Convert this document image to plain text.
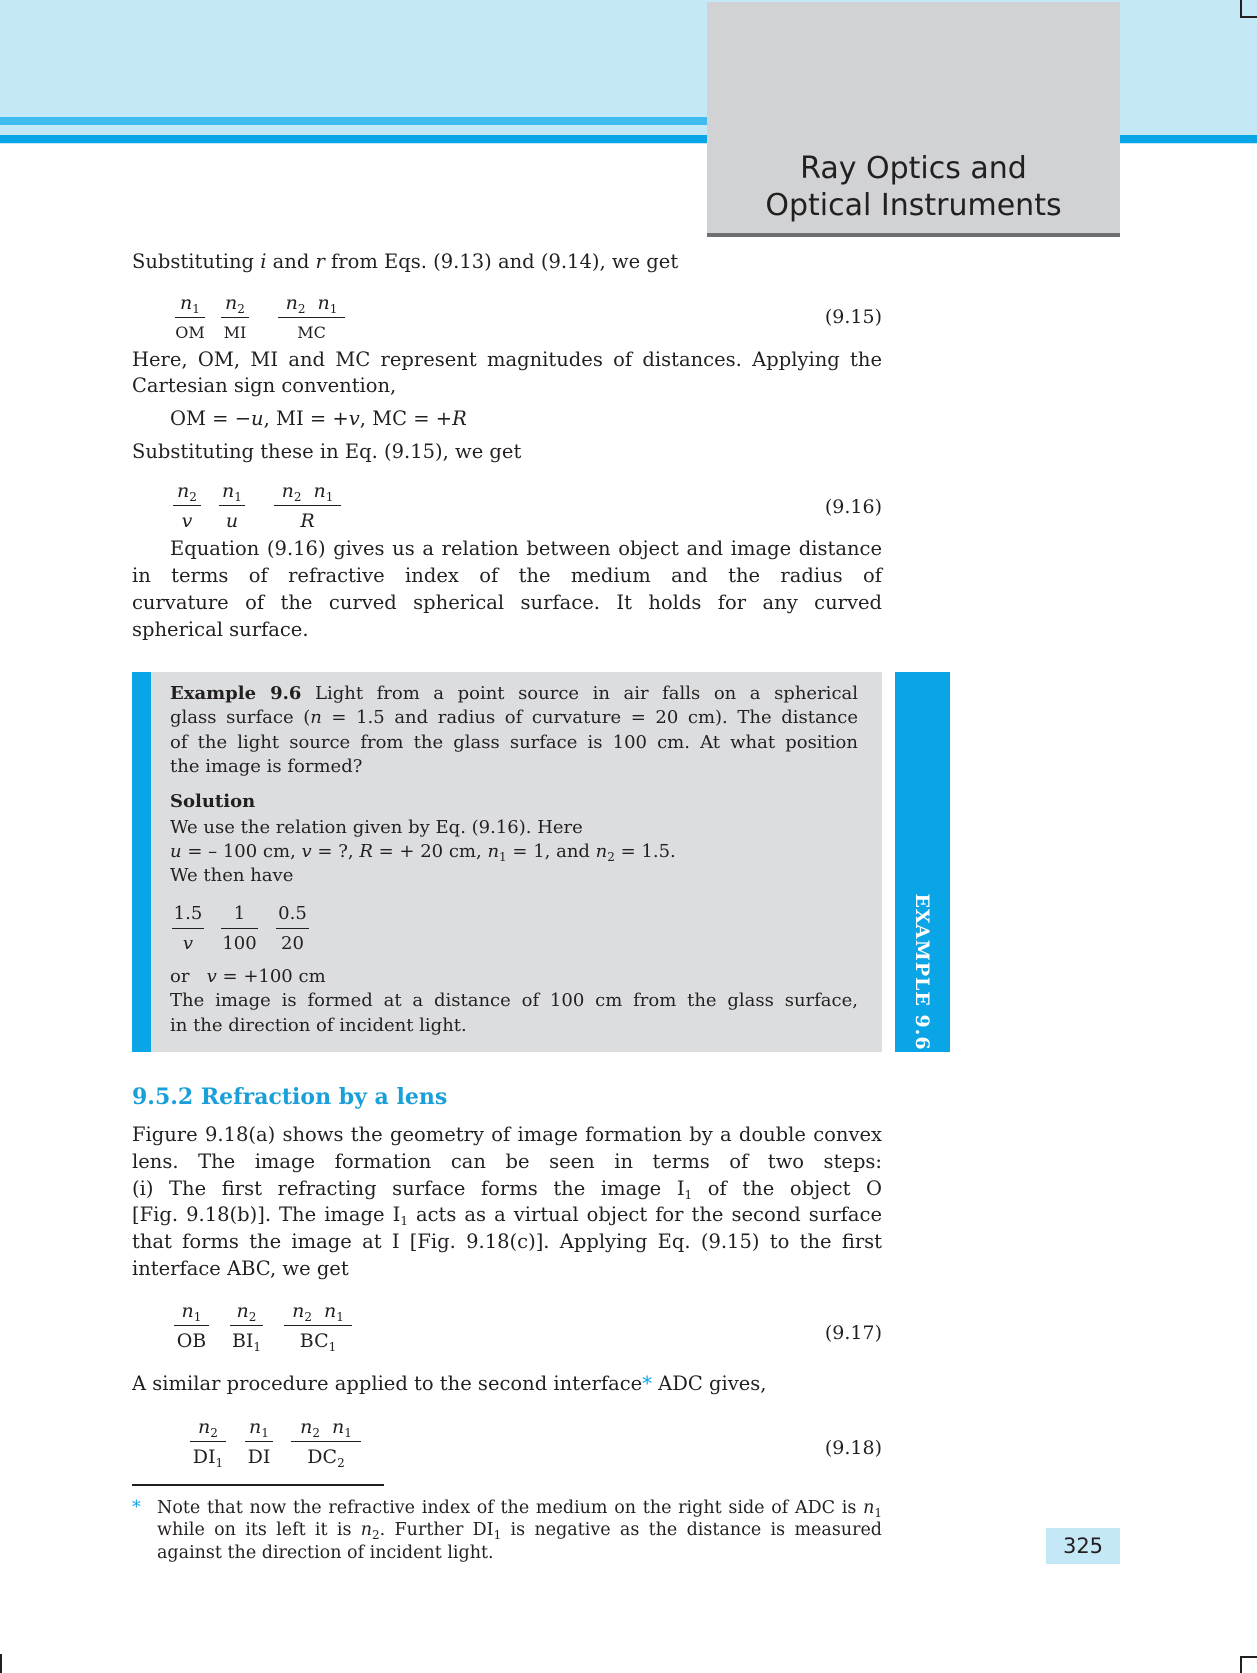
Ray Optics and
Optical Instruments
Substituting i and r from Eqs. (9.13) and (9.14), we get
$n_1$
OM
$n_2$
MI
$n_2$ $n_1$
MC
(9.15)
Here, OM, MI and MC represent magnitudes of distances. Applying the
Cartesian sign convention,
OM = −u, MI = +v, MC = +R
Substituting these in Eq. (9.15), we get
$n_2$
v
$n_1$
u
$n_2$ $n_1$
R
(9.16)
Equation (9.16) gives us a relation between object and image distance
in terms of refractive index of the medium and the radius of
curvature of the curved spherical surface. It holds for any curved
spherical surface.
EXAMPLE 9.6
Example 9.6 Light from a point source in air falls on a spherical
glass surface (n = 1.5 and radius of curvature = 20 cm). The distance
of the light source from the glass surface is 100 cm. At what position
the image is formed?
Solution
We use the relation given by Eq. (9.16). Here
u = – 100 cm, v = ?, R = + 20 cm, $n_1 = 1$, and $n_2 = 1.5$.
We then have
1.5
v
1
100
0.5
20
or v = +100 cm
The image is formed at a distance of 100 cm from the glass surface,
in the direction of incident light.
9.5.2 Refraction by a lens
Figure 9.18(a) shows the geometry of image formation by a double convex
lens. The image formation can be seen in terms of two steps:
(i) The first refracting surface forms the image $I_1$ of the object O
[Fig. 9.18(b)]. The image $I_1$ acts as a virtual object for the second surface
that forms the image at I [Fig. 9.18(c)]. Applying Eq. (9.15) to the first
interface ABC, we get
$n_1$
OB
$n_2$
$BI_1$
$n_2$ $n_1$
$BC_1$
(9.17)
A similar procedure applied to the second interface* ADC gives,
$n_2$
$DI_1$
$n_1$
DI
$n_2$ $n_1$
$DC_2$
(9.18)
* Note that now the refractive index of the medium on the right side of ADC is $n_1$
while on its left it is $n_2$. Further $DI_1$ is negative as the distance is measured
against the direction of incident light.	325
